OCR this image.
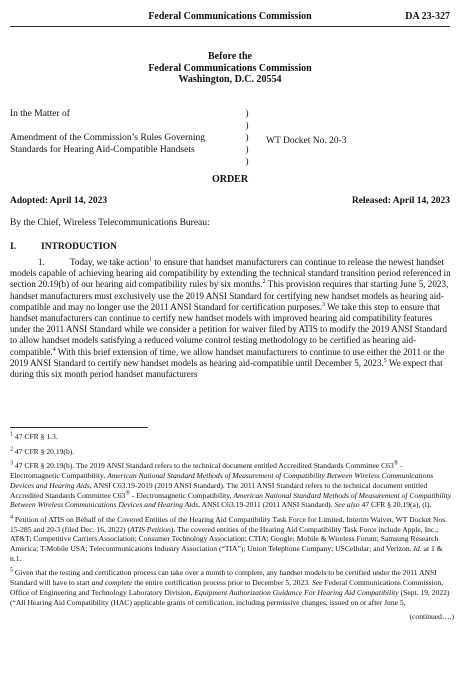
Federal Communications Commission	DA 23-327
Before the
Federal Communications Commission
Washington, D.C. 20554
In the Matter of

Amendment of the Commission’s Rules Governing
Standards for Hearing Aid-Compatible Handsets
)
)
)
)
)
WT Docket No. 20-3
ORDER
Adopted: April 14, 2023	Released: April 14, 2023
By the Chief, Wireless Telecommunications Bureau:
I.	INTRODUCTION

1.	Today, we take action$^1$ to ensure that handset manufacturers can continue to release the newest handset models capable of achieving hearing aid compatibility by extending the technical standard transition period referenced in section 20.19(b) of our hearing aid compatibility rules by six months.$^2$ This provision requires that starting June 5, 2023, handset manufacturers must exclusively use the 2019 ANSI Standard for certifying new handset models as hearing aid-compatible and may no longer use the 2011 ANSI Standard for certification purposes.$^3$ We take this step to ensure that handset manufacturers can continue to certify new handset models with improved hearing aid compatibility features under the 2011 ANSI Standard while we consider a petition for waiver filed by ATIS to modify the 2019 ANSI Standard to allow handset models satisfying a reduced volume control testing methodology to be certified as hearing aid-compatible.$^4$ With this brief extension of time, we allow handset manufacturers to continue to use either the 2011 or the 2019 ANSI Standard to certify new handset models as hearing aid-compatible until December 5, 2023.$^5$ We expect that during this six month period handset manufacturers

$^1$ 47 CFR § 1.3.

$^2$ 47 CFR § 20.19(b).

$^3$ 47 CFR § 20.19(b). The 2019 ANSI Standard refers to the technical document entitled Accredited Standards Committee C63® - Electromagnetic Compatibility, American National Standard Methods of Measurement of Compatibility Between Wireless Communications Devices and Hearing Aids, ANSI C63.19-2019 (2019 ANSI Standard). The 2011 ANSI Standard refers to the technical document entitled Accredited Standards Committee C63® - Electromagnetic Compatibility, American National Standard Methods of Measurement of Compatibility Between Wireless Communications Devices and Hearing Aids, ANSI C63.19-2011 (2011 ANSI Standard). See also 47 CFR § 20.19(a), (l).

$^4$ Petition of ATIS on Behalf of the Covered Entities of the Hearing Aid Compatibility Task Force for Limited, Interim Waiver, WT Docket Nos. 15-285 and 20-3 (filed Dec. 16, 2022) (ATIS Petition). The covered entities of the Hearing Aid Compatibility Task Force include Apple, Inc.; AT&T; Competitive Carriers Association; Consumer Technology Association; CTIA; Google; Mobile & Wireless Forum; Samsung Research America; T-Mobile USA; Telecommunications Industry Association (“TIA”); Union Telephone Company; USCellular; and Verizon. Id. at 1 & n.1.

$^5$ Given that the testing and certification process can take over a month to complete, any handset models to be certified under the 2011 ANSI Standard will have to start and complete the entire certification process prior to December 5, 2023. See Federal Communications Commission, Office of Engineering and Technology Laboratory Division, Equipment Authorization Guidance For Hearing Aid Compatibility (Sept. 19, 2022) (“All Hearing Aid Compatibility (HAC) applicable grants of certification, including permissive changes, issued on or after June 5,

(continued….)
